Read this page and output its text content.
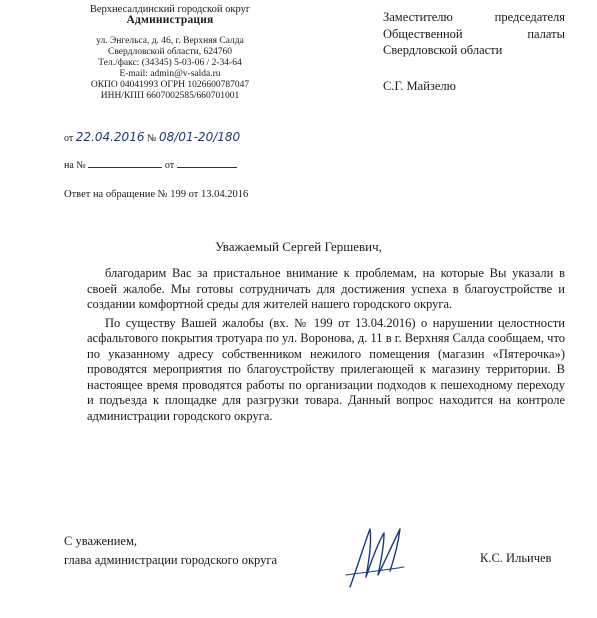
Верхнесалдинский городской округ
Администрация
ул. Энгельса, д. 46, г. Верхняя Салда
Свердловской области, 624760
Тел./факс: (34345) 5-03-06 / 2-34-64
E-mail: admin@v-salda.ru
ОКПО 04041993 ОГРН 1026600787047
ИНН/КПП 6607002585/660701001
от 22.04.2016 № 08/01-20/180
на №	от
Заместителю	председателя
Общественной	палаты
Свердловской области
С.Г. Майзелю
Ответ на обращение № 199 от 13.04.2016
Уважаемый Сергей Гершевич,

благодарим Вас за пристальное внимание к проблемам, на которые Вы указали в своей жалобе. Мы готовы сотрудничать для достижения успеха в благоустройстве и создании комфортной среды для жителей нашего городского округа.

По существу Вашей жалобы (вх. № 199 от 13.04.2016) о нарушении целостности асфальтового покрытия тротуара по ул. Воронова, д. 11 в г. Верхняя Салда сообщаем, что по указанному адресу собственником нежилого помещения (магазин «Пятерочка») проводятся мероприятия по благоустройству прилегающей к магазину территории. В настоящее время проводятся работы по организации подходов к пешеходному переходу и подъезда к площадке для разгрузки товара. Данный вопрос находится на контроле администрации городского округа.

С уважением,
глава администрации городского округа	К.С. Ильичев
